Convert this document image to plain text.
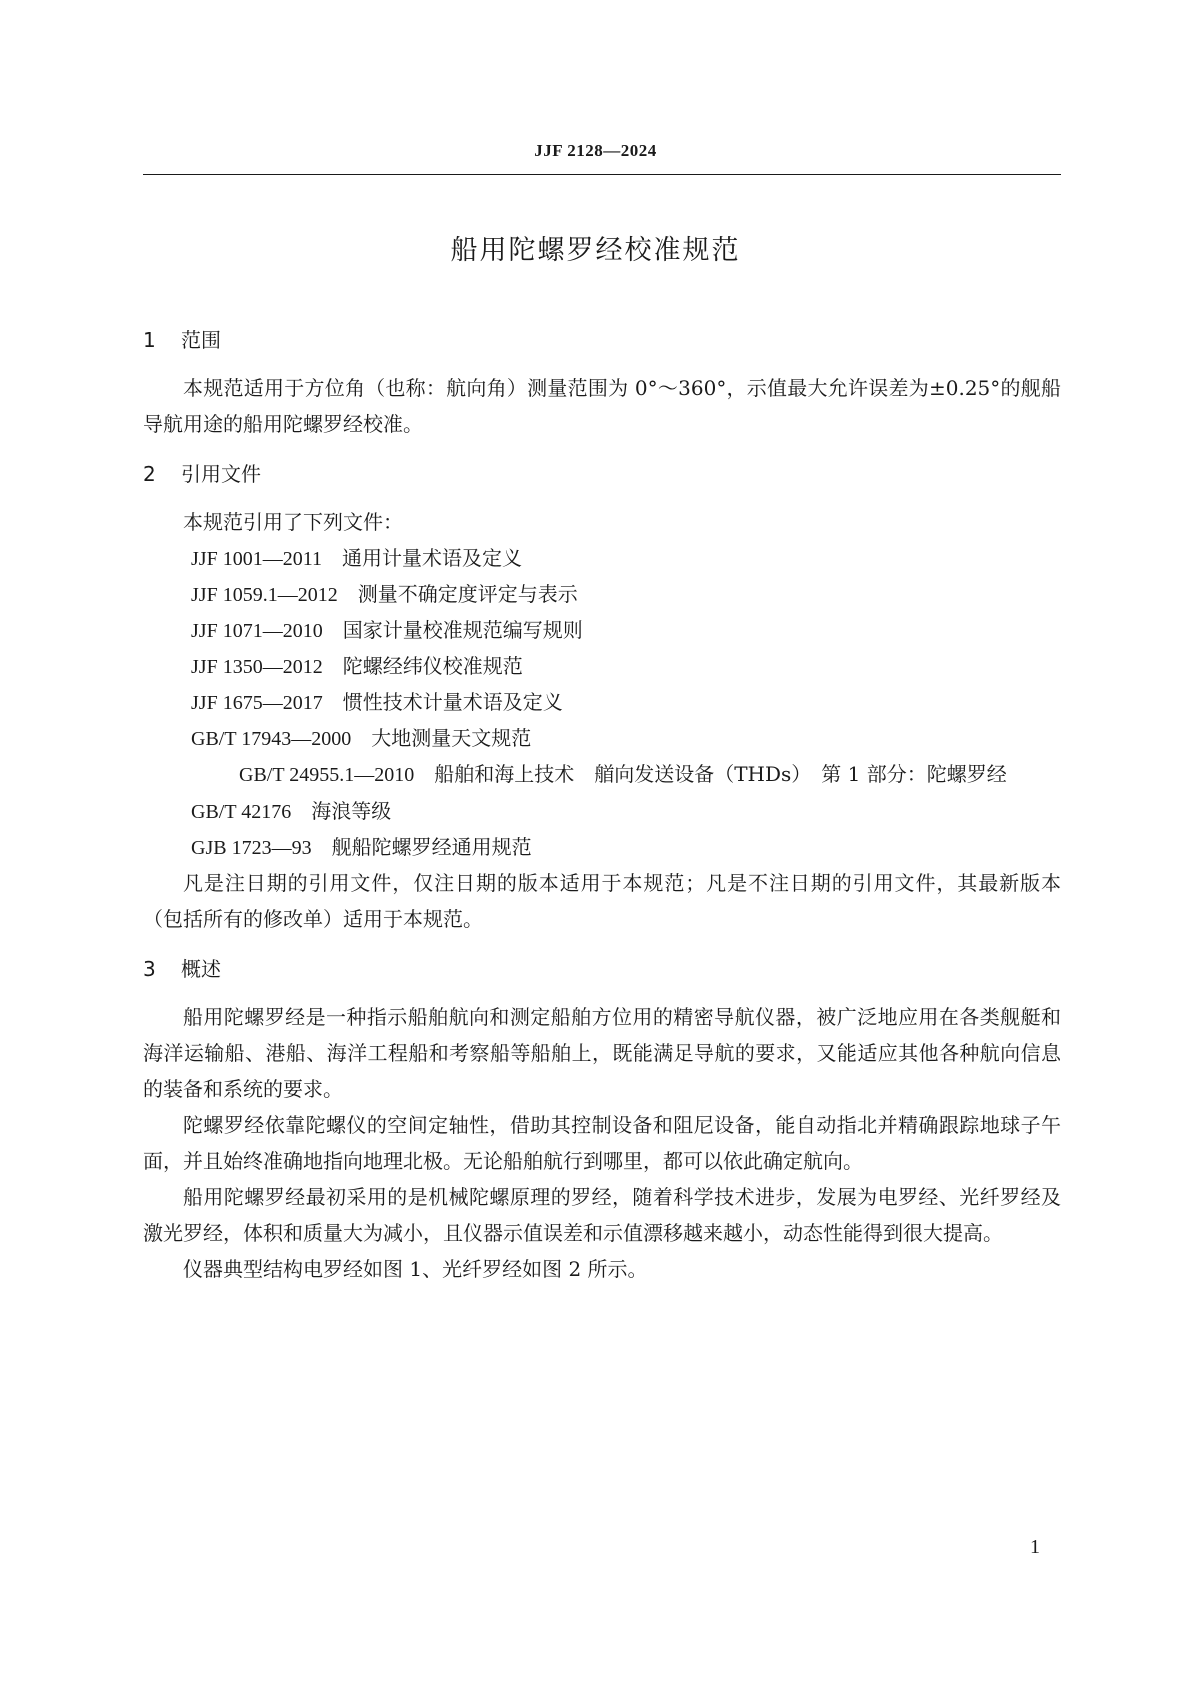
JJF 2128—2024
船用陀螺罗经校准规范
1 范围

本规范适用于方位角（也称：航向角）测量范围为 0°～360°，示值最大允许误差为±0.25°的舰船导航用途的船用陀螺罗经校准。

2 引用文件

本规范引用了下列文件：

JJF 1001—2011 通用计量术语及定义
JJF 1059.1—2012 测量不确定度评定与表示
JJF 1071—2010 国家计量校准规范编写规则
JJF 1350—2012 陀螺经纬仪校准规范
JJF 1675—2017 惯性技术计量术语及定义
GB/T 17943—2000 大地测量天文规范
GB/T 24955.1—2010 船舶和海上技术　艏向发送设备（THDs）　第 1 部分：陀螺罗经
GB/T 42176 海浪等级
GJB 1723—93 舰船陀螺罗经通用规范

凡是注日期的引用文件，仅注日期的版本适用于本规范；凡是不注日期的引用文件，其最新版本（包括所有的修改单）适用于本规范。

3 概述

船用陀螺罗经是一种指示船舶航向和测定船舶方位用的精密导航仪器，被广泛地应用在各类舰艇和海洋运输船、港船、海洋工程船和考察船等船舶上，既能满足导航的要求，又能适应其他各种航向信息的装备和系统的要求。

陀螺罗经依靠陀螺仪的空间定轴性，借助其控制设备和阻尼设备，能自动指北并精确跟踪地球子午面，并且始终准确地指向地理北极。无论船舶航行到哪里，都可以依此确定航向。

船用陀螺罗经最初采用的是机械陀螺原理的罗经，随着科学技术进步，发展为电罗经、光纤罗经及激光罗经，体积和质量大为减小，且仪器示值误差和示值漂移越来越小，动态性能得到很大提高。

仪器典型结构电罗经如图 1、光纤罗经如图 2 所示。

1
